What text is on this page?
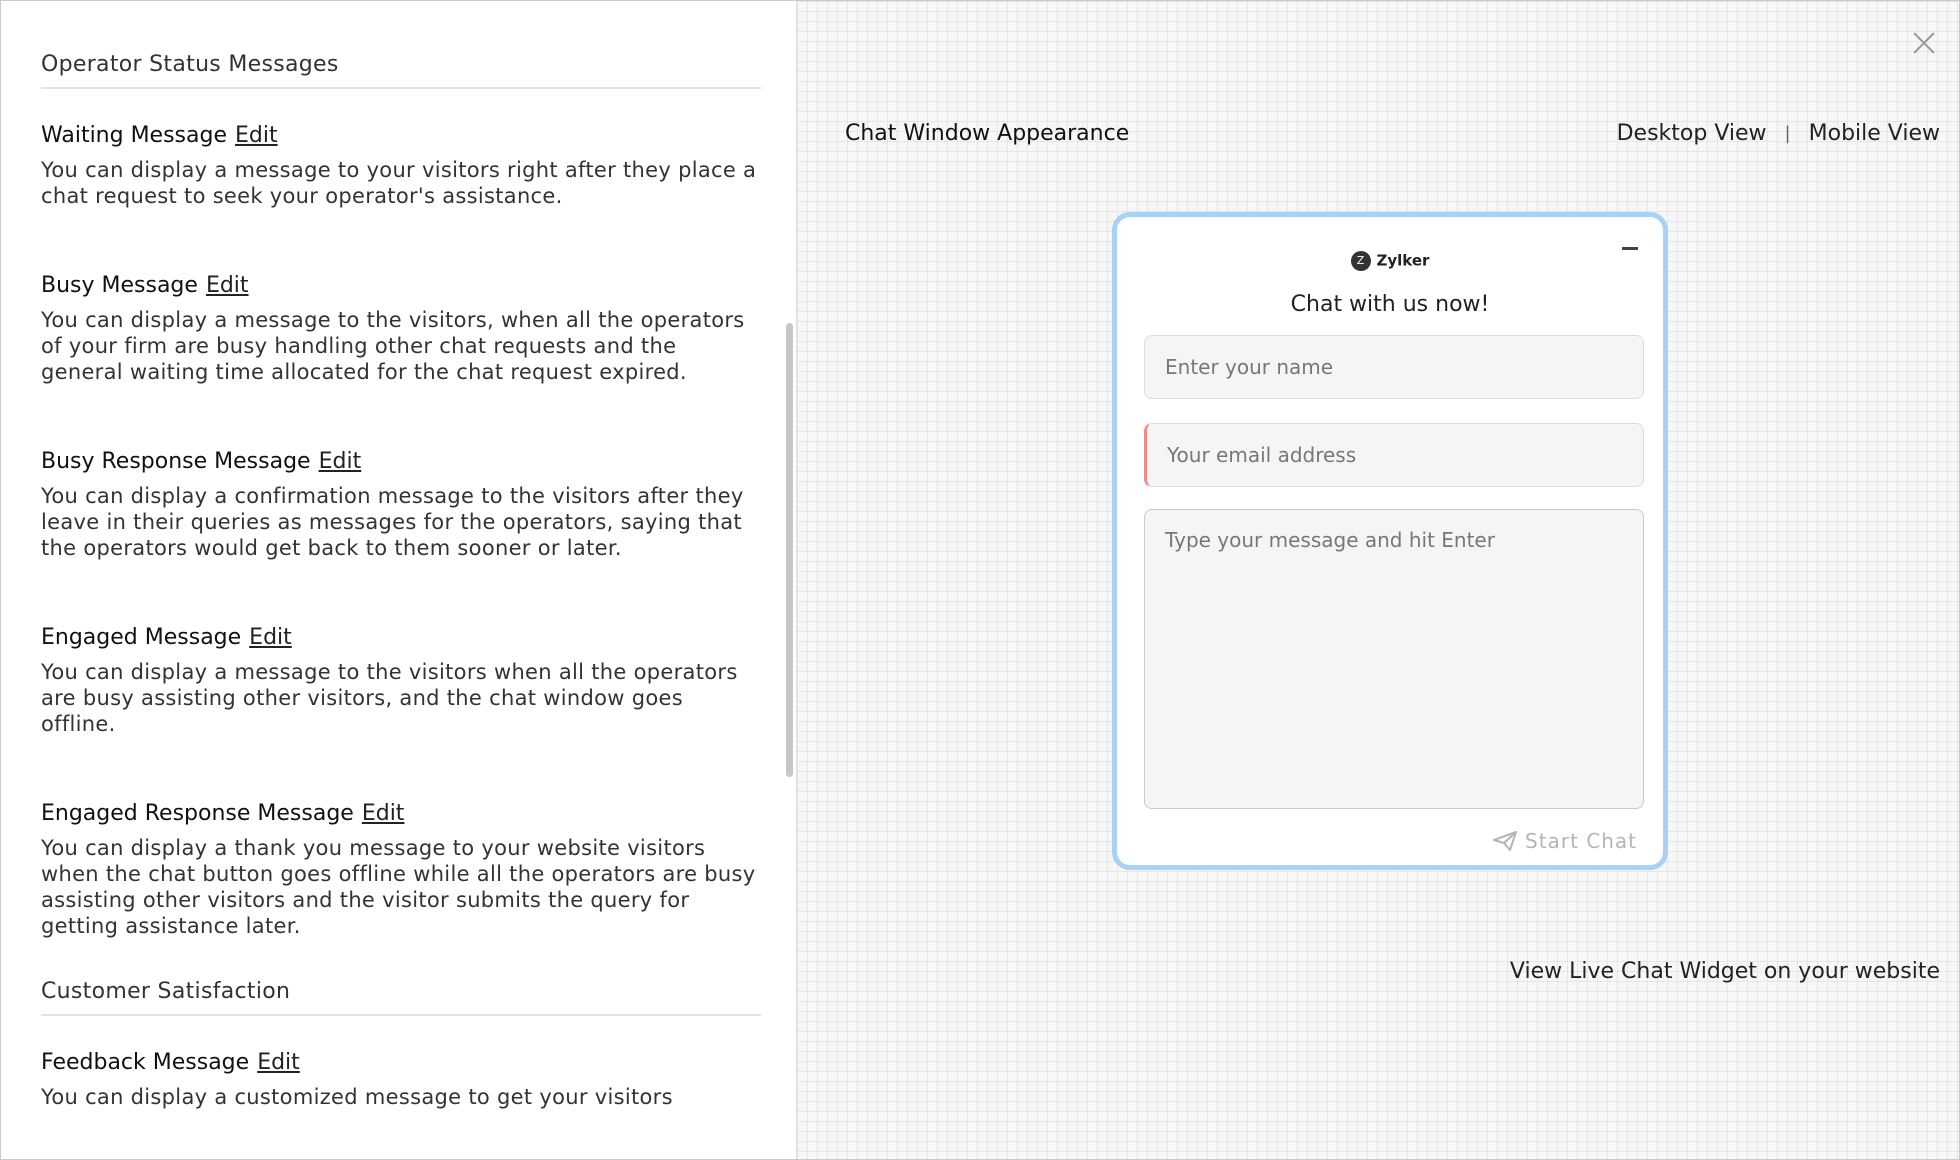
Operator Status Messages
Waiting Message Edit
You can display a message to your visitors right after they place a chat request to seek your operator's assistance.
Busy Message Edit
You can display a message to the visitors, when all the operators of your firm are busy handling other chat requests and the general waiting time allocated for the chat request expired.
Busy Response Message Edit
You can display a confirmation message to the visitors after they leave in their queries as messages for the operators, saying that the operators would get back to them sooner or later.
Engaged Message Edit
You can display a message to the visitors when all the operators are busy assisting other visitors, and the chat window goes offline.
Engaged Response Message Edit
You can display a thank you message to your website visitors when the chat button goes offline while all the operators are busy assisting other visitors and the visitor submits the query for getting assistance later.
Customer Satisfaction
Feedback Message Edit
You can display a customized message to get your visitors
Chat Window Appearance	Desktop View | Mobile View
Z Zylker
Chat with us now!
Enter your name
Your email address
Type your message and hit Enter
Start Chat
View Live Chat Widget on your website
